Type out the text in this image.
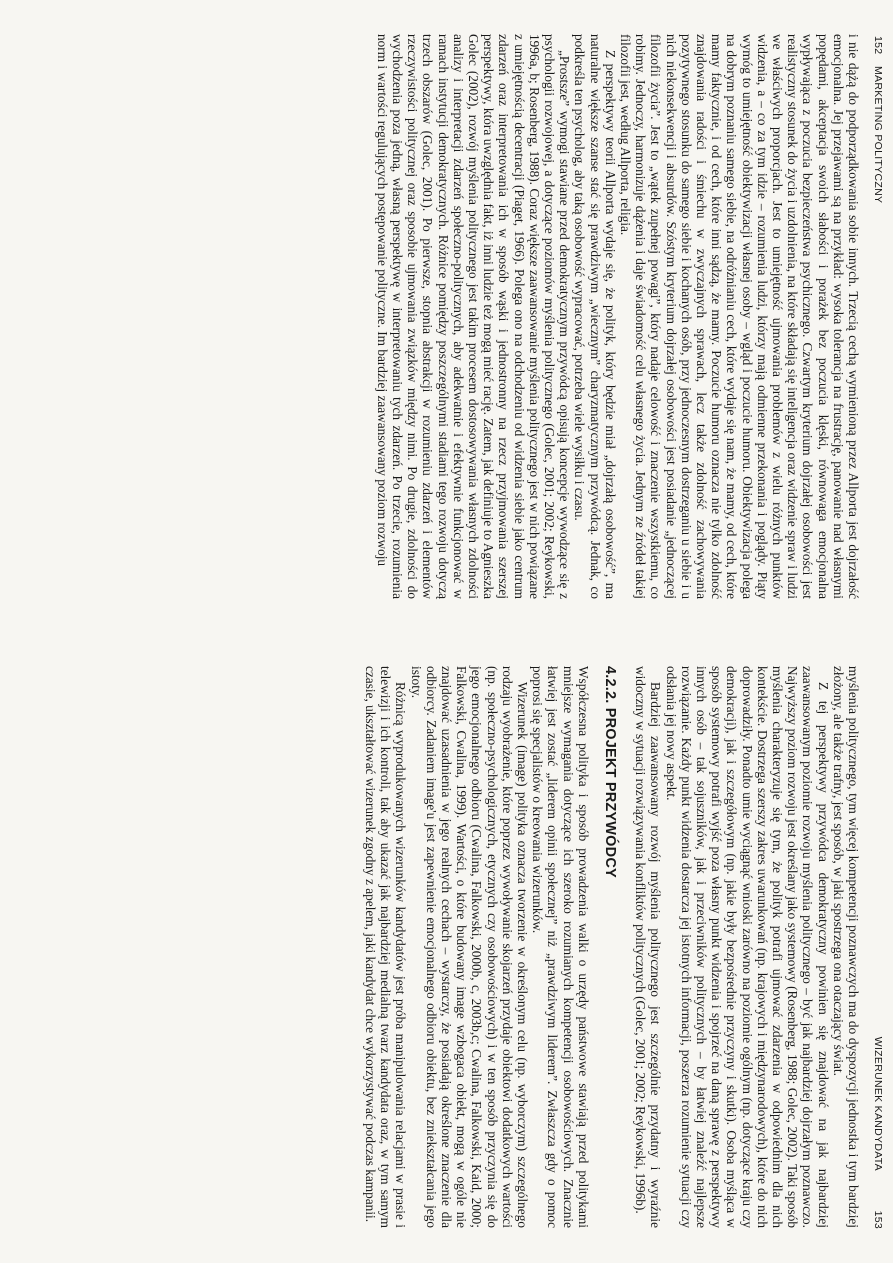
152
MARKETING POLITYCZNY

i nie dążą do podporządkowania sobie innych. Trzecią cechą wymienioną przez Allporta jest dojrzałość emocjonalna. Jej przejawami są na przykład: wysoka tolerancja na frustrację, panowanie nad własnymi popędami, akceptacja swoich słabości i porażek bez poczucia klęski, równowaga emocjonalna wypływająca z poczucia bezpieczeństwa psychicznego. Czwartym kryterium dojrzałej osobowości jest realistyczny stosunek do życia i uzdolnienia, na które składają się inteligencja oraz widzenie spraw i ludzi we właściwych proporcjach. Jest to umiejętność ujmowania problemów z wielu różnych punktów widzenia, a – co za tym idzie – rozumienia ludzi, którzy mają odmienne przekonania i poglądy. Piąty wymóg to umiejętność obiektywizacji własnej osoby – wgląd i poczucie humoru. Obiektywizacja polega na dobrym poznaniu samego siebie, na odróżnianiu cech, które wydaje się nam, że mamy, od cech, które mamy faktycznie, i od cech, które inni sądzą, że mamy. Poczucie humoru oznacza nie tylko zdolność znajdowania radości i śmiechu w zwyczajnych sprawach, lecz także zdolność zachowywania pozytywnego stosunku do samego siebie i kochanych osób, przy jednoczesnym dostrzeganiu u siebie i u nich niekonsekwencji i absurdów. Szóstym kryterium dojrzałej osobowości jest posiadanie „jednoczącej filozofii życia”. Jest to „wątek zupełnej powagi”, który nadaje celowość i znaczenie wszystkiemu, co robimy. Jednoczy, harmonizuje dążenia i daje świadomość celu własnego życia. Jednym ze źródeł takiej filozofii jest, według Allporta, religia.

Z perspektywy teorii Allporta wydaje się, że polityk, który będzie miał „dojrzałą osobowość”, ma naturalne większe szanse stać się prawdziwym „wiecznym” charyzmatycznym przywódcą. Jednak, co podkreśla ten psycholog, aby taką osobowość wypracować, potrzeba wiele wysiłku i czasu.

„Prostsze” wymogi stawiane przed demokratycznym przywódcą opisują koncepcje wywodzące się z psychologii rozwojowej, a dotyczące poziomów myślenia politycznego (Golec, 2001; 2002; Reykowski, 1996a, b; Rosenberg, 1988). Coraz większe zaawansowanie myślenia politycznego jest w nich powiązane z umiejętnością decentracji (Piaget, 1966). Polega ono na odchodzeniu od widzenia siebie jako centrum zdarzeń oraz interpretowania ich w sposób wąski i jednostronny na rzecz przyjmowania szerszej perspektywy, która uwzględnia fakt, iż inni ludzie też mogą mieć rację. Zatem, jak definiuje to Agnieszka Golec (2002), rozwój myślenia politycznego jest takim procesem dostosowywania własnych zdolności analizy i interpretacji zdarzeń społeczno-politycznych, aby adekwatnie i efektywnie funkcjonować w ramach instytucji demokratycznych. Różnice pomiędzy poszczególnymi stadiami tego rozwoju dotyczą trzech obszarów (Golec, 2001). Po pierwsze, stopnia abstrakcji w rozumieniu zdarzeń i elementów rzeczywistości politycznej oraz sposobie ujmowania związków między nimi. Po drugie, zdolności do wychodzenia poza jedną, własną perspektywę w interpretowaniu tych zdarzeń. Po trzecie, rozumienia norm i wartości regulujących postępowanie polityczne. Im bardziej zaawansowany poziom rozwoju

WIZERUNEK KANDYDATA
153

myślenia politycznego, tym więcej kompetencji poznawczych ma do dyspozycji jednostka i tym bardziej złożony, ale także trafny, jest sposób, w jaki spostrzega ona otaczający świat.

Z tej perspektywy przywódca demokratyczny powinien się znajdować na jak najbardziej zaawansowanym poziomie rozwoju myślenia politycznego – być jak najbardziej dojrzałym poznawczo. Najwyższy poziom rozwoju jest określany jako systemowy (Rosenberg, 1988; Golec, 2002). Taki sposób myślenia charakteryzuje się tym, że polityk potrafi ujmować zdarzenia w odpowiednim dla nich kontekście. Dostrzega szerszy zakres uwarunkowań (np. krajowych i międzynarodowych), które do nich doprowadziły. Ponadto umie wyciągnąć wnioski zarówno na poziomie ogólnym (np. dotyczące kraju czy demokracji), jak i szczegółowym (np. jakie były bezpośrednie przyczyny i skutki). Osoba myśląca w sposób systemowy potrafi wyjść poza własny punkt widzenia i spojrzeć na daną sprawę z perspektywy innych osób – tak sojuszników, jak i przeciwników politycznych – by łatwiej znaleźć najlepsze rozwiązanie. Każdy punkt widzenia dostarcza jej istotnych informacji, poszerza rozumienie sytuacji czy odsłania jej nowy aspekt.

Bardziej zaawansowany rozwój myślenia politycznego jest szczególnie przydatny i wyraźnie widoczny w sytuacji rozwiązywania konfliktów politycznych (Golec, 2001; 2002; Reykowski, 1996b).

4.2.2. PROJEKT PRZYWÓDCY

Współczesna polityka i sposób prowadzenia walki o urzędy państwowe stawiają przed politykami mniejsze wymagania dotyczące ich szeroko rozumianych kompetencji osobowościowych. Znacznie łatwiej jest zostać „liderem opinii społecznej” niż „prawdziwym liderem”. Zwłaszcza gdy o pomoc poprosi się specjalistów o kreowania wizerunków.

Wizerunek (image) polityka oznacza tworzenie w określonym celu (np. wyborczym) szczególnego rodzaju wyobrażenie, które poprzez wywoływanie skojarzeń przydaje obiektowi dodatkowych wartości (np. społeczno-psychologicznych, etycznych czy osobowościowych) i w ten sposób przyczynia się do jego emocjonalnego odbioru (Cwalina, Falkowski, 2000b, c, 2003b,c; Cwalina, Falkowski, Kaid, 2000; Falkowski, Cwalina, 1999). Wartości, o które budowany image wzbogaca obiekt, mogą w ogóle nie znajdować uzasadnienia w jego realnych cechach – wystarczy, że posiadają określone znaczenie dla odbiorcy. Zadaniem image'u jest zapewnienie emocjonalnego odbioru obiektu, bez zniekształcania jego istoty.

Różnicą wyprodukowanych wizerunków kandydatów jest próba manipulowania relacjami w prasie i telewizji i ich kontroli, tak aby ukazać jak najbardziej medialną twarz kandydata oraz, w tym samym czasie, ukształtować wizerunek zgodny z apelem, jaki kandydat chce wykorzystywać podczas kampanii.
